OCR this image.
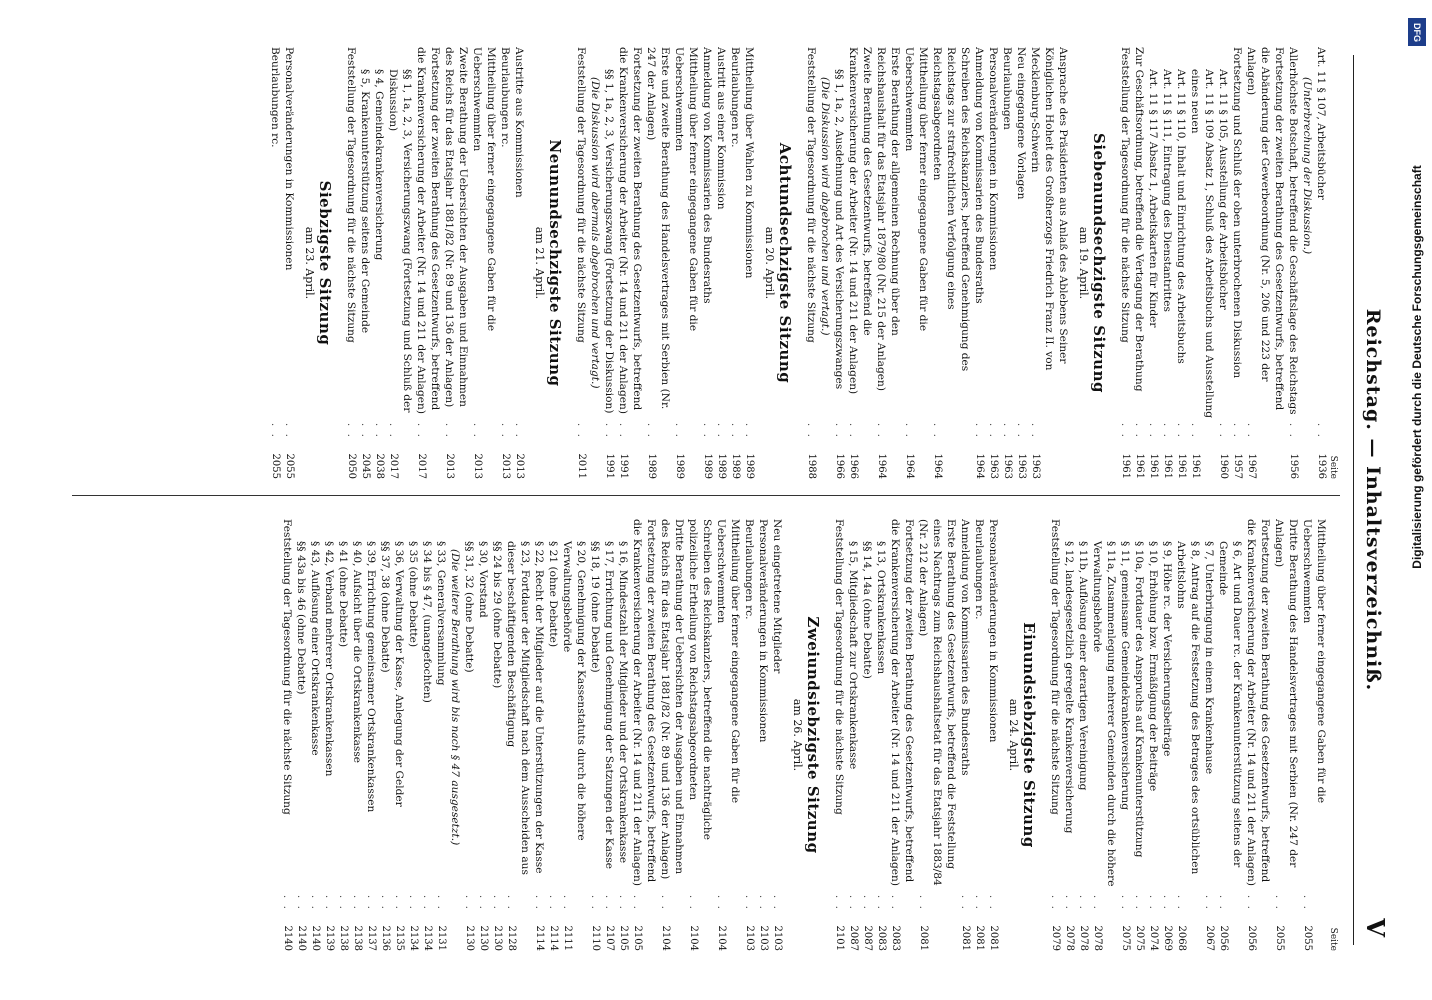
Reichstag. — Inhaltsverzeichniß.
V
Seite
Art. 11 § 107, Arbeitsbücher
. .
1936
(Unterbrechung der Diskussion.)
Allerhöchste Botschaft, betreffend die Geschäftslage des Reichstags
. .
1956
Fortsetzung der zweiten Berathung des Gesetzentwurfs, betreffend die Abänderung der Gewerbeordnung (Nr. 5, 206 und 223 der Anlagen)
. .
1967
Fortsetzung und Schluß der oben unterbrochenen Diskussion
. .
1957
Art. 11 § 105, Ausstellung der Arbeitsbücher
. .
1960
Art. 11 § 109 Absatz 1, Schluß des Arbeitsbuchs und Ausstellung eines neuen
. .
1961
Art. 11 § 110, Inhalt und Einrichtung des Arbeitsbuchs
. .
1961
Art. 11 § 111, Eintragung des Dienstantrittes
. .
1961
Art. 11 § 117 Absatz 1, Arbeitskarten für Kinder
. .
1961
Zur Geschäftsordnung, betreffend die Vertagung der Berathung
. .
1961
Feststellung der Tagesordnung für die nächste Sitzung
. .
1961
Siebenundsechzigste Sitzung
am 19. April.
Ansprache des Präsidenten aus Anlaß des Ablebens Seiner Königlichen Hoheit des Großherzogs Friedrich Franz II. von Mecklenburg-Schwerin
. .
1963
Neu eingegangene Vorlagen
. .
1963
Beurlaubungen
. .
1963
Personalveränderungen in Kommissionen
. .
1963
Anmeldung von Kommissarien des Bundesraths
. .
1964
Schreiben des Reichskanzlers, betreffend Genehmigung des Reichstags zur strafrechtlichen Verfolgung eines Reichstagsabgeordneten
. .
1964
Mittheilung über ferner eingegangene Gaben für die Ueberschwemmten
. .
1964
Erste Berathung der allgemeinen Rechnung über den Reichshaushalt für das Etatsjahr 1879/80 (Nr. 215 der Anlagen)
. .
1964
Zweite Berathung des Gesetzentwurfs, betreffend die Krankenversicherung der Arbeiter (Nr. 14 und 211 der Anlagen)
. .
1966
§§ 1, 1a, 2, Ausdehnung und Art des Versicherungszwanges
. .
1966
(Die Diskussion wird abgebrochen und vertagt.)
Feststellung der Tagesordnung für die nächste Sitzung
. .
1988
Achtundsechzigste Sitzung
am 20. April.
Mittheilung über Wahlen zu Kommissionen
. .
1989
Beurlaubungen rc.
. .
1989
Austritt aus einer Kommission
. .
1989
Anmeldung von Kommissarien des Bundesraths
. .
1989
Mittheilung über ferner eingegangene Gaben für die Ueberschwemmten
. .
1989
Erste und zweite Berathung des Handelsvertrages mit Serbien (Nr. 247 der Anlagen)
. .
1989
Fortsetzung der zweiten Berathung des Gesetzentwurfs, betreffend die Krankenversicherung der Arbeiter (Nr. 14 und 211 der Anlagen)
. .
1991
§§ 1, 1a, 2, 3, Versicherungszwang (Fortsetzung der Diskussion)
. .
1991
(Die Diskussion wird abermals abgebrochen und vertagt.)
Feststellung der Tagesordnung für die nächste Sitzung
. .
2011
Neunundsechzigste Sitzung
am 21. April.
Austritte aus Kommissionen
. .
2013
Beurlaubungen rc.
. .
2013
Mittheilung über ferner eingegangene Gaben für die Ueberschwemmten
. .
2013
Zweite Berathung der Uebersichten der Ausgaben und Einnahmen des Reichs für das Etatsjahr 1881/82 (Nr. 89 und 136 der Anlagen)
. .
2013
Fortsetzung der zweiten Berathung des Gesetzentwurfs, betreffend die Krankenversicherung der Arbeiter (Nr. 14 und 211 der Anlagen)
. .
2017
§§ 1, 1a, 2, 3, Versicherungszwang (Fortsetzung und Schluß der Diskussion)
. .
2017
§ 4, Gemeindekrankenversicherung
. .
2038
§ 5, Krankenunterstützung seitens der Gemeinde
. .
2045
Feststellung der Tagesordnung für die nächste Sitzung
. .
2050
Siebzigste Sitzung
am 23. April.
Personalveränderungen in Kommissionen
. .
2055
Beurlaubungen rc.
. .
2055
Seite
Mittheilung über ferner eingegangene Gaben für die Ueberschwemmten
. .
2055
Dritte Berathung des Handelsvertrages mit Serbien (Nr. 247 der Anlagen)
. .
2055
Fortsetzung der zweiten Berathung des Gesetzentwurfs, betreffend die Krankenversicherung der Arbeiter (Nr. 14 und 211 der Anlagen)
. .
2056
§ 6, Art und Dauer rc. der Krankenunterstützung seitens der Gemeinde
. .
2056
§ 7, Unterbringung in einem Krankenhause
. .
2067
§ 8, Antrag auf die Festsetzung des Betrages des ortsüblichen Arbeitslohns
. .
2068
§ 9, Höhe rc. der Versicherungsbeiträge
. .
2069
§ 10, Erhöhung bzw. Ermäßigung der Beiträge
. .
2074
§ 10a, Fortdauer des Anspruchs auf Krankenunterstützung
. .
2075
§ 11, gemeinsame Gemeindekrankenversicherung
. .
2075
§ 11a, Zusammenlegung mehrerer Gemeinden durch die höhere Verwaltungsbehörde
. .
2078
§ 11b, Auflösung einer derartigen Vereinigung
. .
2078
§ 12, landesgesetzlich geregelte Krankenversicherung
. .
2078
Feststellung der Tagesordnung für die nächste Sitzung
. .
2079
Einundsiebzigste Sitzung
am 24. April.
Personalveränderungen in Kommissionen
. .
2081
Beurlaubungen rc.
. .
2081
Anmeldung von Kommissarien des Bundesraths
. .
2081
Erste Berathung des Gesetzentwurfs, betreffend die Feststellung eines Nachtrags zum Reichshaushaltsetat für das Etatsjahr 1883/84 (Nr. 212 der Anlagen)
. .
2081
Fortsetzung der zweiten Berathung des Gesetzentwurfs, betreffend die Krankenversicherung der Arbeiter (Nr. 14 und 211 der Anlagen)
. .
2083
§ 13, Ortskrankenkassen
. .
2083
§§ 14, 14a (ohne Debatte)
. .
2087
§ 15, Mitgliedschaft zur Ortskrankenkasse
. .
2087
Feststellung der Tagesordnung für die nächste Sitzung
. .
2101
Zweiundsiebzigste Sitzung
am 26. April.
Neu eingetretene Mitglieder
. .
2103
Personalveränderungen in Kommissionen
. .
2103
Beurlaubungen rc.
. .
2103
Mittheilung über ferner eingegangene Gaben für die Ueberschwemmten
. .
2104
Schreiben des Reichskanzlers, betreffend die nachträgliche polizeiliche Ertheilung von Reichstagsabgeordneten
. .
2104
Dritte Berathung der Uebersichten der Ausgaben und Einnahmen des Reichs für das Etatsjahr 1881/82 (Nr. 89 und 136 der Anlagen)
. .
2104
Fortsetzung der zweiten Berathung des Gesetzentwurfs, betreffend die Krankenversicherung der Arbeiter (Nr. 14 und 211 der Anlagen)
. .
2105
§ 16, Mindestzahl der Mitglieder und der Ortskrankenkasse
. .
2105
§ 17, Errichtung und Genehmigung der Satzungen der Kasse
. .
2107
§§ 18, 19 (ohne Debatte)
. .
2110
§ 20, Genehmigung der Kassenstatuts durch die höhere Verwaltungsbehörde
. .
2111
§ 21 (ohne Debatte)
. .
2114
§ 22, Recht der Mitglieder auf die Unterstützungen der Kasse
. .
2114
§ 23, Fortdauer der Mitgliedschaft nach dem Ausscheiden aus dieser beschäftigenden Beschäftigung
. .
2128
§§ 24 bis 29 (ohne Debatte)
. .
2130
§ 30, Vorstand
. .
2130
§§ 31, 32 (ohne Debatte)
. .
2130
(Die weitere Berathung wird bis nach § 47 ausgesetzt.)
§ 33, Generalversammlung
. .
2131
§ 34 bis § 47, (unangefochten)
. .
2134
§ 35 (ohne Debatte)
. .
2134
§ 36, Verwaltung der Kasse, Anlegung der Gelder
. .
2135
§§ 37, 38 (ohne Debatte)
. .
2136
§ 39, Errichtung gemeinsamer Ortskrankenkassen
. .
2137
§ 40, Aufsicht über die Ortskrankenkasse
. .
2138
§ 41 (ohne Debatte)
. .
2138
§ 42, Verband mehrerer Ortskrankenkassen
. .
2139
§ 43, Auflösung einer Ortskrankenkasse
. .
2140
§§ 43a bis 46 (ohne Debatte)
. .
2140
Feststellung der Tagesordnung für die nächste Sitzung
. .
2140
DFG
Digitalisierung gefördert durch die Deutsche Forschungsgemeinschaft
